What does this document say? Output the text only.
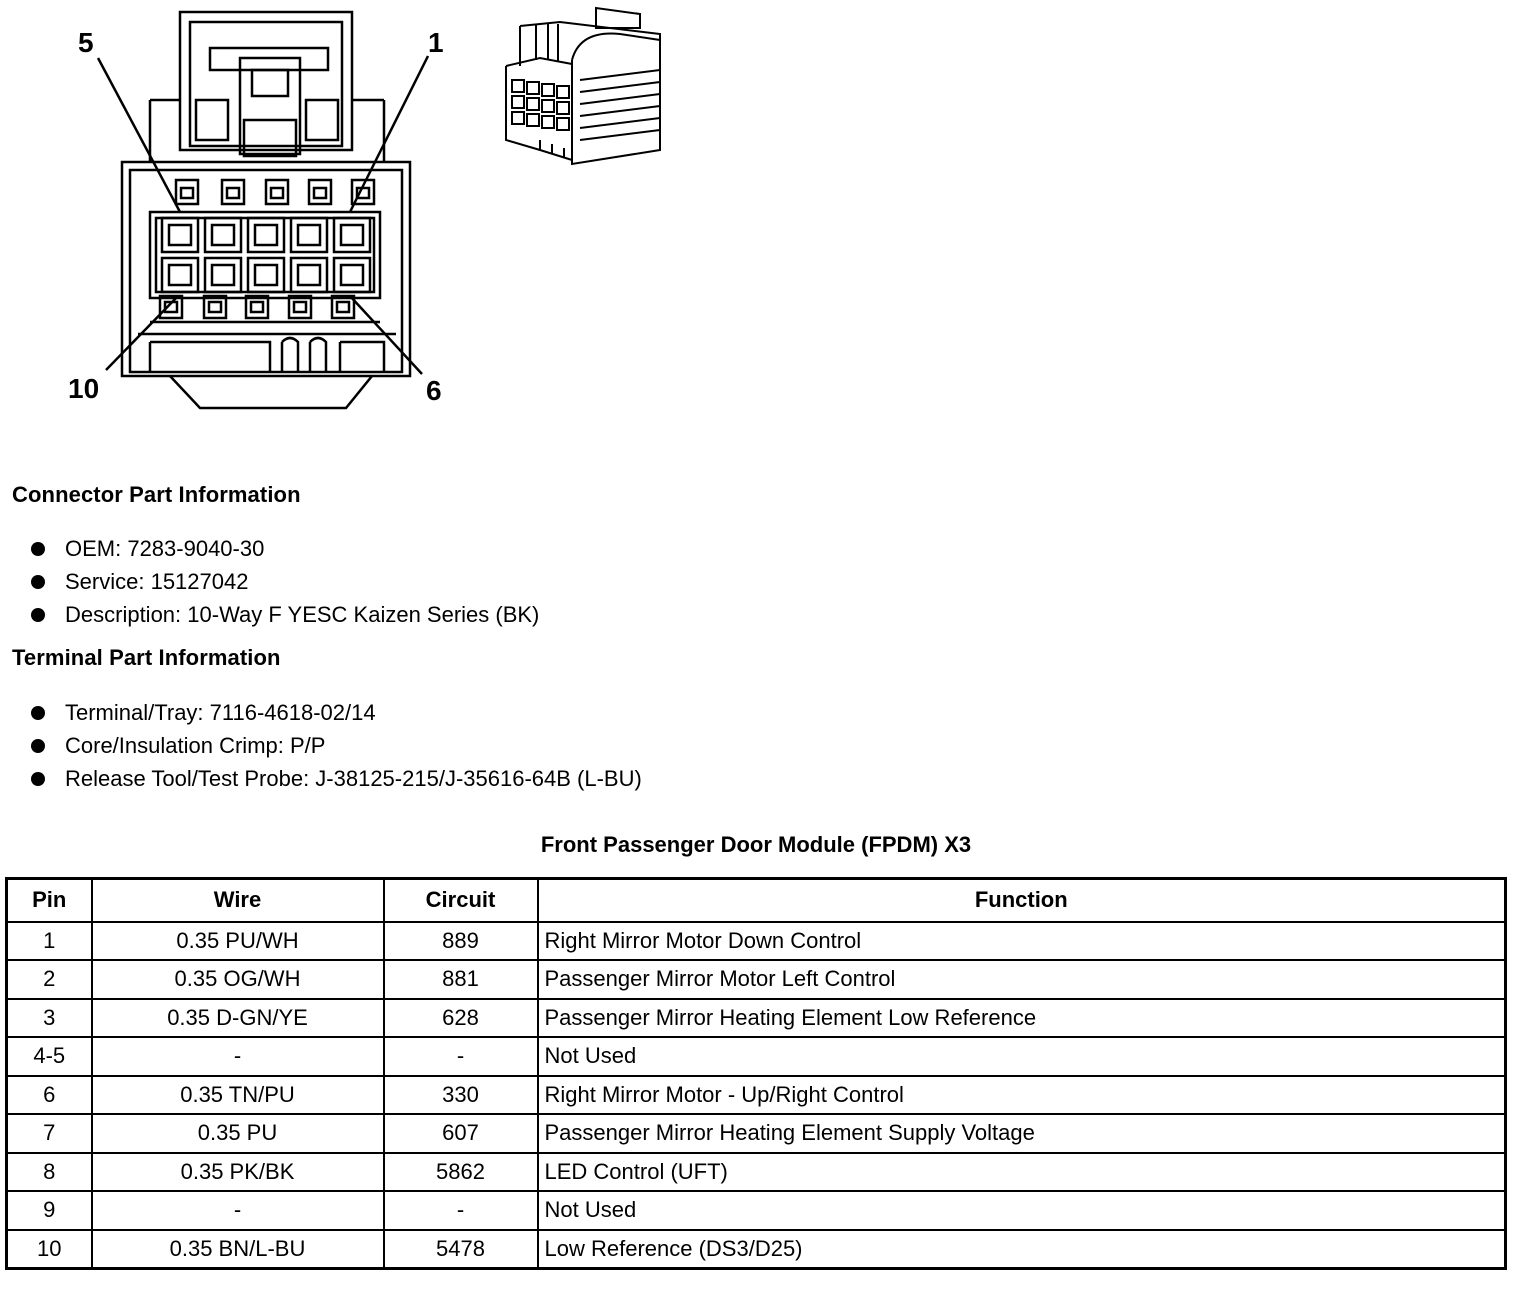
5	1
10	6
Connector Part Information
OEM: 7283-9040-30
Service: 15127042
Description: 10-Way F YESC Kaizen Series (BK)
Terminal Part Information
Terminal/Tray: 7116-4618-02/14
Core/Insulation Crimp: P/P
Release Tool/Test Probe: J-38125-215/J-35616-64B (L-BU)
Front Passenger Door Module (FPDM) X3
Pin	Wire	Circuit	Function
1	0.35 PU/WH	889	Right Mirror Motor Down Control
2	0.35 OG/WH	881	Passenger Mirror Motor Left Control
3	0.35 D-GN/YE	628	Passenger Mirror Heating Element Low Reference
4-5	-	-	Not Used
6	0.35 TN/PU	330	Right Mirror Motor - Up/Right Control
7	0.35 PU	607	Passenger Mirror Heating Element Supply Voltage
8	0.35 PK/BK	5862	LED Control (UFT)
9	-	-	Not Used
10	0.35 BN/L-BU	5478	Low Reference (DS3/D25)
